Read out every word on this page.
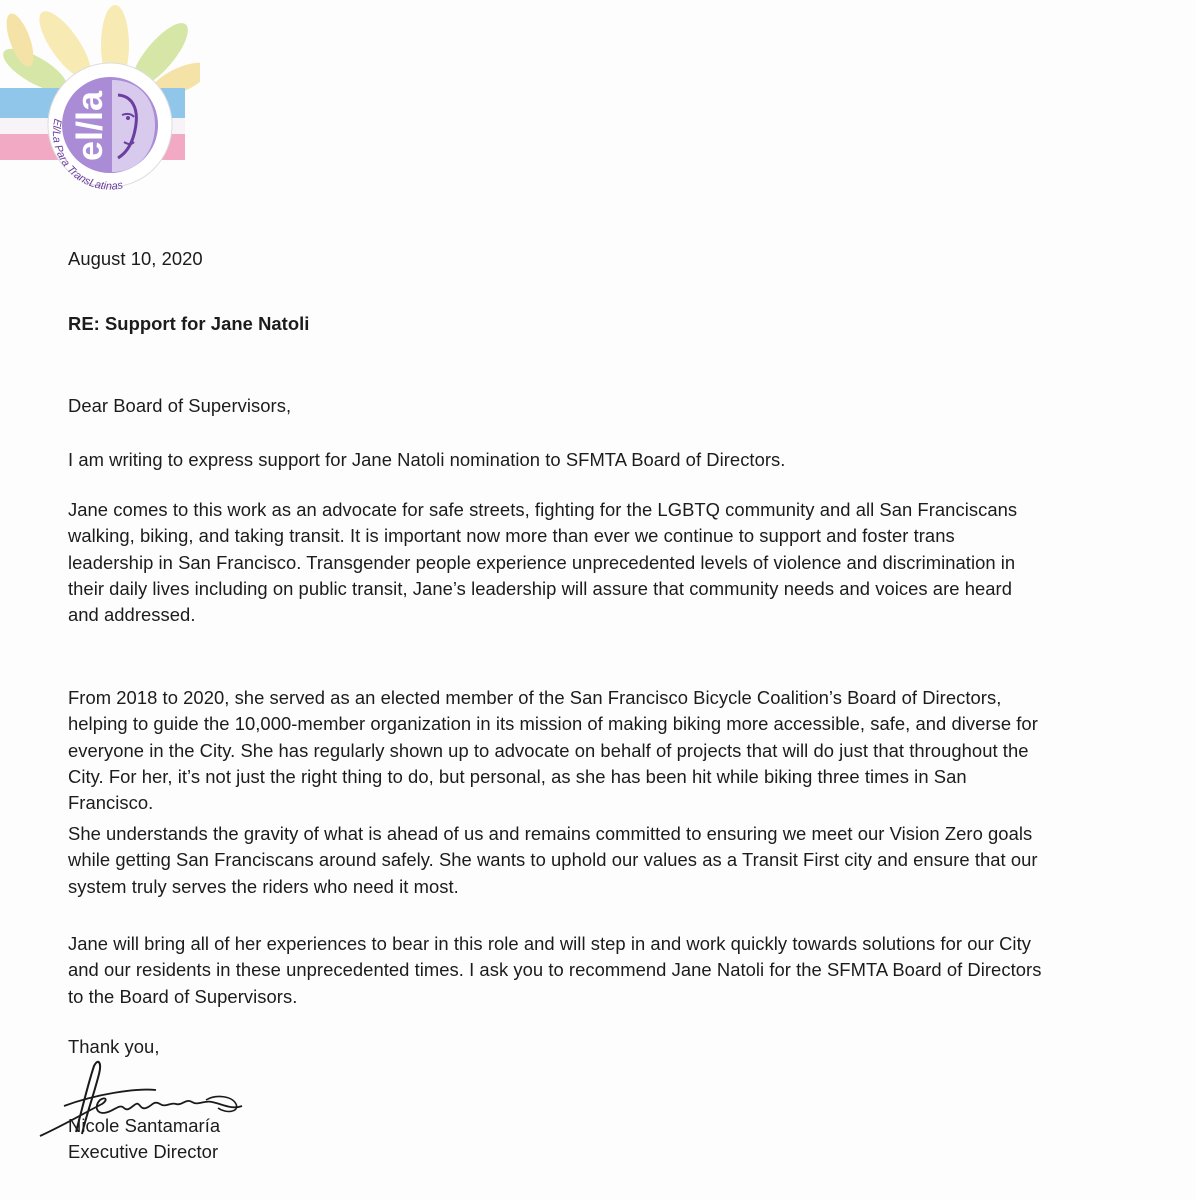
el/la
El/La Para TransLatinas

August 10, 2020

RE: Support for Jane Natoli

Dear Board of Supervisors,

I am writing to express support for Jane Natoli nomination to SFMTA Board of Directors.

Jane comes to this work as an advocate for safe streets, fighting for the LGBTQ community and all San Franciscans
walking, biking, and taking transit. It is important now more than ever we continue to support and foster trans
leadership in San Francisco. Transgender people experience unprecedented levels of violence and discrimination in
their daily lives including on public transit, Jane’s leadership will assure that community needs and voices are heard
and addressed.
From 2018 to 2020, she served as an elected member of the San Francisco Bicycle Coalition’s Board of Directors,
helping to guide the 10,000-member organization in its mission of making biking more accessible, safe, and diverse for
everyone in the City. She has regularly shown up to advocate on behalf of projects that will do just that throughout the
City. For her, it’s not just the right thing to do, but personal, as she has been hit while biking three times in San
Francisco.
She understands the gravity of what is ahead of us and remains committed to ensuring we meet our Vision Zero goals
while getting San Franciscans around safely. She wants to uphold our values as a Transit First city and ensure that our
system truly serves the riders who need it most.
Jane will bring all of her experiences to bear in this role and will step in and work quickly towards solutions for our City
and our residents in these unprecedented times. I ask you to recommend Jane Natoli for the SFMTA Board of Directors
to the Board of Supervisors.

Thank you,

Nicole Santamaría

Executive Director
